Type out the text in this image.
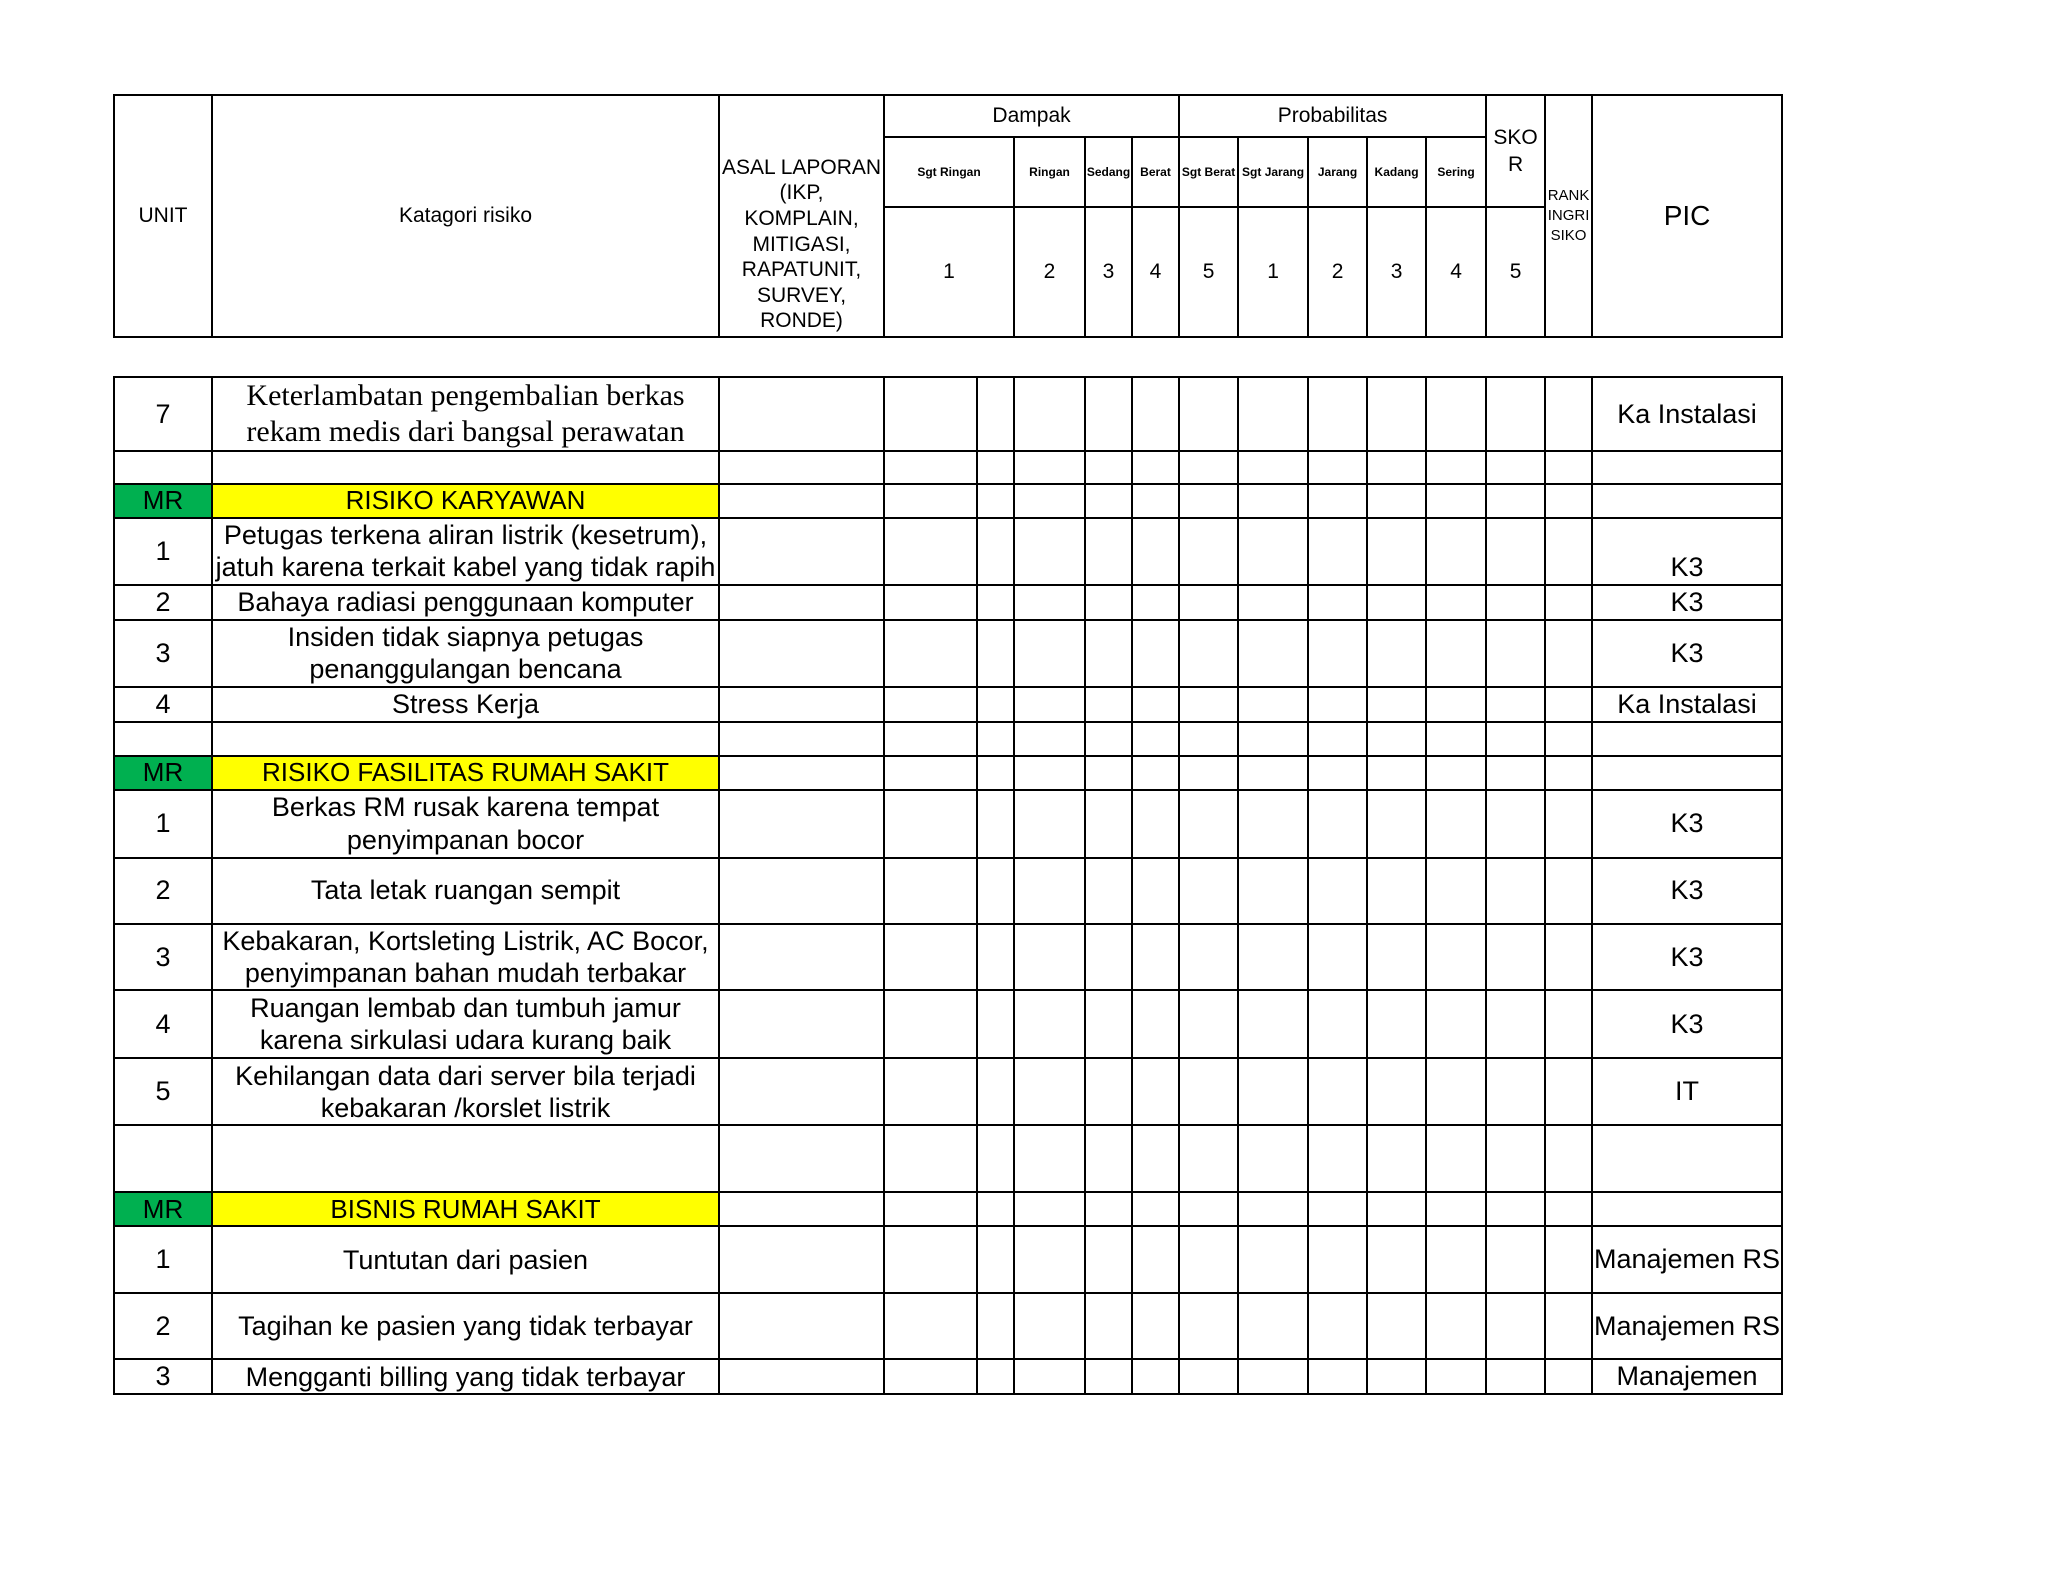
UNIT	Katagori risiko	ASAL LAPORAN (IKP, KOMPLAIN, MITIGASI, RAPATUNIT, SURVEY, RONDE)	Dampak				Probabilitas					SKOR	RANKINGRISIKO	PIC	
			Sgt Ringan	Ringan	Sedang	Berat	Sgt Berat	Sgt Jarang	Jarang	Kadang	Sering	
			1	2	3	4	5	1	2	3	4	5	
7	Keterlambatan pengembalian berkas rekam medis dari bangsal perawatan														Ka Instalasi

MR	RISIKO KARYAWAN														
1	Petugas terkena aliran listrik (kesetrum), jatuh karena terkait kabel yang tidak rapih														K3
2	Bahaya radiasi penggunaan komputer														K3
3	Insiden tidak siapnya petugas penanggulangan bencana														K3
4	Stress Kerja														Ka Instalasi

MR	RISIKO FASILITAS RUMAH SAKIT														
1	Berkas RM rusak karena tempat penyimpanan bocor														K3
2	Tata letak ruangan sempit														K3
3	Kebakaran, Kortsleting Listrik, AC Bocor, penyimpanan bahan mudah terbakar														K3
4	Ruangan lembab dan tumbuh jamur karena sirkulasi udara kurang baik														K3
5	Kehilangan data dari server bila terjadi kebakaran /korslet listrik														IT

MR	BISNIS RUMAH SAKIT														
1	Tuntutan dari pasien														Manajemen RS
2	Tagihan ke pasien yang tidak terbayar														Manajemen RS
3	Mengganti billing yang tidak terbayar														Manajemen
